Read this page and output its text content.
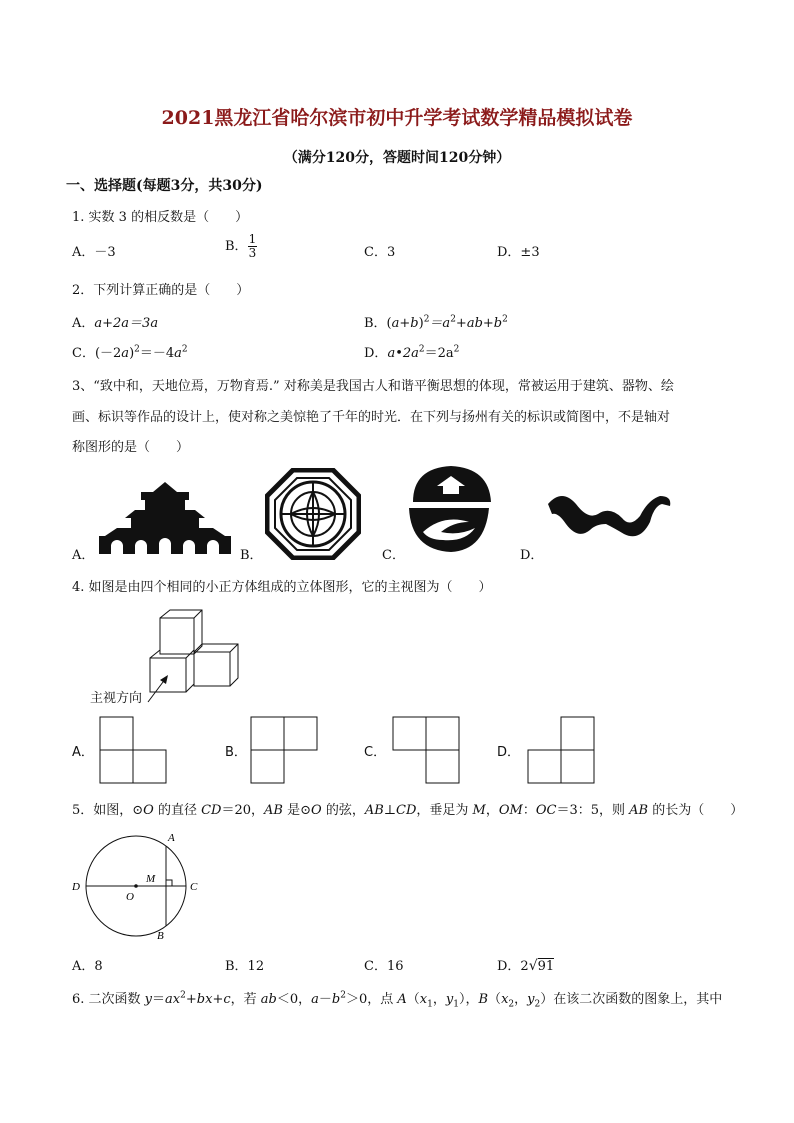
2021黑龙江省哈尔滨市初中升学考试数学精品模拟试卷
（满分120分，答题时间120分钟）
一、选择题(每题3分，共30分)
1. 实数 3 的相反数是（　　）
A．－3	B． $\frac{1}{3}$	C．3	D．±3
2．下列计算正确的是（　　）
A．a+2a＝3a	B．$(a+b)^2=a^2+ab+b^2$
C．$(-2a)^2=-4a^2$	D．$a•2a^2=2a^2$
3、“致中和，天地位焉，万物育焉.” 对称美是我国古人和谐平衡思想的体现，常被运用于建筑、器物、绘
画、标识等作品的设计上，使对称之美惊艳了千年的时光．在下列与扬州有关的标识或简图中，不是轴对
称图形的是（　　）
A．	B．	C．	D．
4. 如图是由四个相同的小正方体组成的立体图形，它的主视图为（　　）
主视方向
A．	B．	C．	D．
5．如图，⊙O 的直径 CD＝20，AB 是⊙O 的弦，AB⊥CD，垂足为 M，OM：OC＝3：5，则 AB 的长为（　　）
A
B
C
D
M
O
A．8	B．12	C．16	D．2√91
6. 二次函数 $y=ax^2+bx+c$，若 ab＜0，$a-b^2>0$，点 $A(x_1$，$y_1$），$B(x_2$，$y_2$）在该二次函数的图象上，其中
